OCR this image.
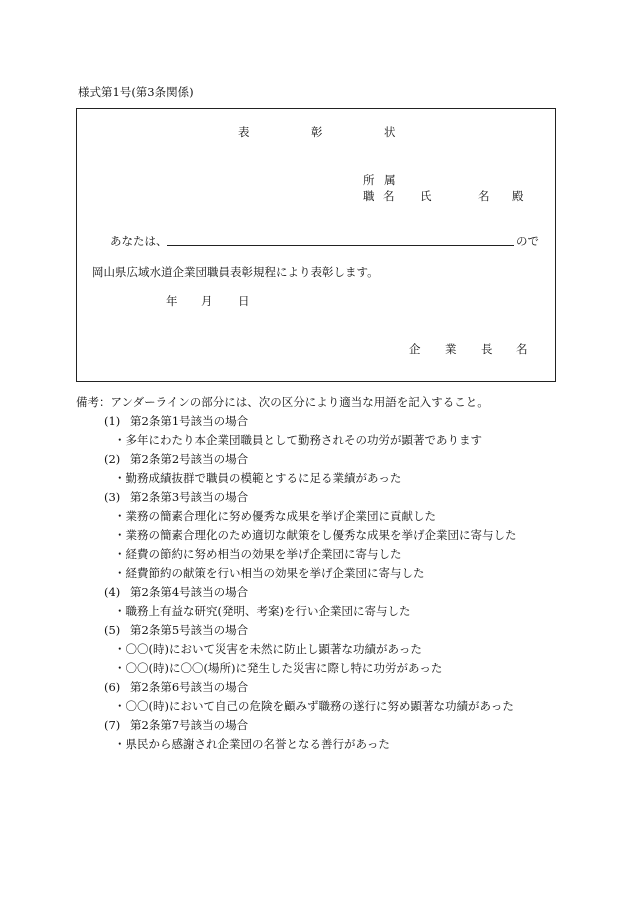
様式第1号(第3条関係)
表	彰	状
所 属
職 名 氏	名 殿
あなたは、	ので
岡山県広域水道企業団職員表彰規程により表彰します。
年 月 日
企 業 長 名
備考：アンダーラインの部分には、次の区分により適当な用語を記入すること。
(1) 第2条第1号該当の場合
・多年にわたり本企業団職員として勤務されその功労が顕著であります
(2) 第2条第2号該当の場合
・勤務成績抜群で職員の模範とするに足る業績があった
(3) 第2条第3号該当の場合
・業務の簡素合理化に努め優秀な成果を挙げ企業団に貢献した
・業務の簡素合理化のため適切な献策をし優秀な成果を挙げ企業団に寄与した
・経費の節約に努め相当の効果を挙げ企業団に寄与した
・経費節約の献策を行い相当の効果を挙げ企業団に寄与した
(4) 第2条第4号該当の場合
・職務上有益な研究(発明、考案)を行い企業団に寄与した
(5) 第2条第5号該当の場合
・〇〇(時)において災害を未然に防止し顕著な功績があった
・〇〇(時)に〇〇(場所)に発生した災害に際し特に功労があった
(6) 第2条第6号該当の場合
・〇〇(時)において自己の危険を顧みず職務の遂行に努め顕著な功績があった
(7) 第2条第7号該当の場合
・県民から感謝され企業団の名誉となる善行があった
